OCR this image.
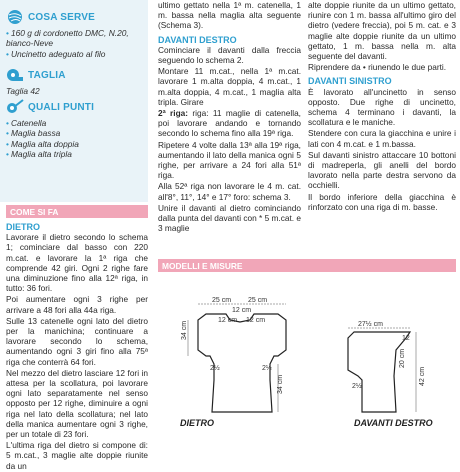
COSA SERVE
• 160 g di cordonetto DMC, N.20, bianco-Neve
• Uncinetto adeguato al filo
TAGLIA
Taglia 42
QUALI PUNTI
• Catenella
• Maglia bassa
• Maglia alta doppia
• Maglia alta tripla
COME SI FA
DIETRO

Lavorare il dietro secondo lo schema 1; cominciare dal basso con 220 m.cat. e lavorare la 1ª riga che comprende 42 giri. Ogni 2 righe fare una diminuzione fino alla 12ª riga, in tutto: 36 fori.

Poi aumentare ogni 3 righe per arrivare a 48 fori alla 44a riga.

Sulle 13 catenelle ogni lato del dietro per la manichina; continuare a lavorare secondo lo schema, aumentando ogni 3 giri fino alla 75ª riga che conterrà 64 fori.

Nel mezzo del dietro lasciare 12 fori in attesa per la scollatura, poi lavorare ogni lato separatamente nel senso opposto per 12 righe, diminuire a ogni riga nel lato della scollatura; nel lato della manica aumentare ogni 3 righe, per un totale di 23 fori.

L'ultima riga del dietro si compone di: 5 m.cat., 3 maglie alte doppie riunite da un

ultimo gettato nella 1ª m. catenella, 1 m. bassa nella maglia alta seguente (Schema 3).

DAVANTI DESTRO

Cominciare il davanti dalla freccia seguendo lo schema 2.

Montare 11 m.cat., nella 1ª m.cat. lavorare 1 m.alta doppia, 4 m.cat., 1 m.alta doppia, 4 m.cat., 1 maglia alta tripla. Girare

2ª riga: riga: 11 maglie di catenella, poi lavorare andando e tornando secondo lo schema fino alla 19ª riga.

Ripetere 4 volte dalla 13ª alla 19ª riga, aumentando il lato della manica ogni 5 righe, per arrivare a 24 fori alla 51ª riga.

Alla 52ª riga non lavorare le 4 m. cat. all'8°, 11°, 14° e 17° foro: schema 3.

Unire il davanti al dietro cominciando dalla punta del davanti con * 5 m.cat. e 3 maglie

alte doppie riunite da un ultimo gettato, riunire con 1 m. bassa all'ultimo giro del dietro (vedere freccia), poi 5 m. cat. e 3 maglie alte doppie riunite da un ultimo gettato, 1 m. bassa nella m. alta seguente del davanti.

Riprendere da • riunendo le due parti.

DAVANTI SINISTRO

È lavorato all'uncinetto in senso opposto. Due righe di uncinetto, schema 4 terminano i davanti, la scollatura e le maniche.

Stendere con cura la giacchina e unire i lati con 4 m.cat. e 1 m.bassa.

Sul davanti sinistro attaccare 10 bottoni di madreperla, gli anelli del bordo lavorato nella parte destra servono da occhielli.

Il bordo inferiore della giacchina è rinforzato con una riga di m. basse.

MODELLI E MISURE
25 cm 25 cm
12 cm
12 cm 12 cm
34 cm
34 cm
2½	2½
DIETRO
27½ cm
12
20 cm
42 cm
2½
DAVANTI DESTRO
